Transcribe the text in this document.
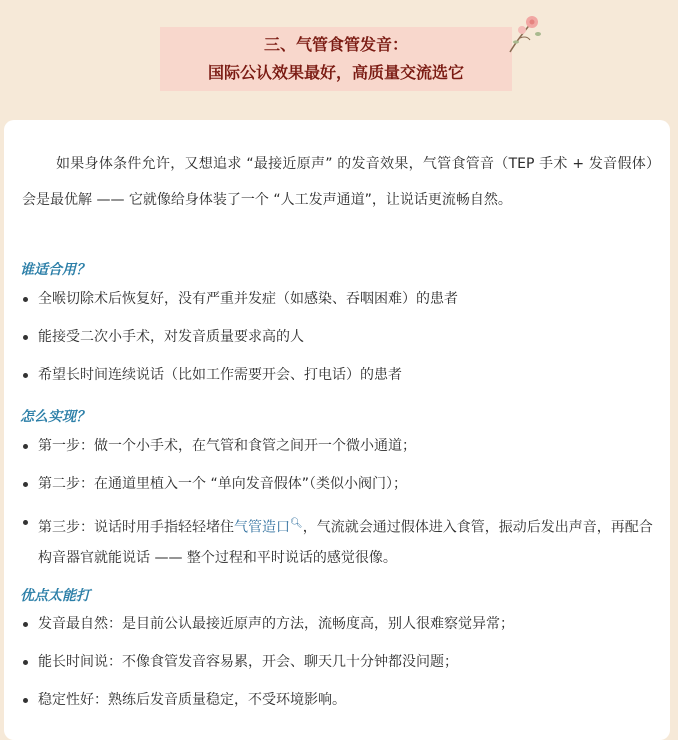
三、气管食管发音：
国际公认效果最好，高质量交流选它
如果身体条件允许，又想追求 “最接近原声” 的发音效果，气管食管音（TEP 手术 + 发音假体）会是最优解 —— 它就像给身体装了一个 “人工发声通道”，让说话更流畅自然。
谁适合用？
全喉切除术后恢复好，没有严重并发症（如感染、吞咽困难）的患者
能接受二次小手术，对发音质量要求高的人
希望长时间连续说话（比如工作需要开会、打电话）的患者
怎么实现？
第一步：做一个小手术，在气管和食管之间开一个微小通道；
第二步：在通道里植入一个 “单向发音假体”（类似小阀门）；
第三步：说话时用手指轻轻堵住气管造口🔍︎，气流就会通过假体进入食管，振动后发出声音，再配合构音器官就能说话 —— 整个过程和平时说话的感觉很像。
优点太能打
发音最自然：是目前公认最接近原声的方法，流畅度高，别人很难察觉异常；
能长时间说：不像食管发音容易累，开会、聊天几十分钟都没问题；
稳定性好：熟练后发音质量稳定，不受环境影响。
